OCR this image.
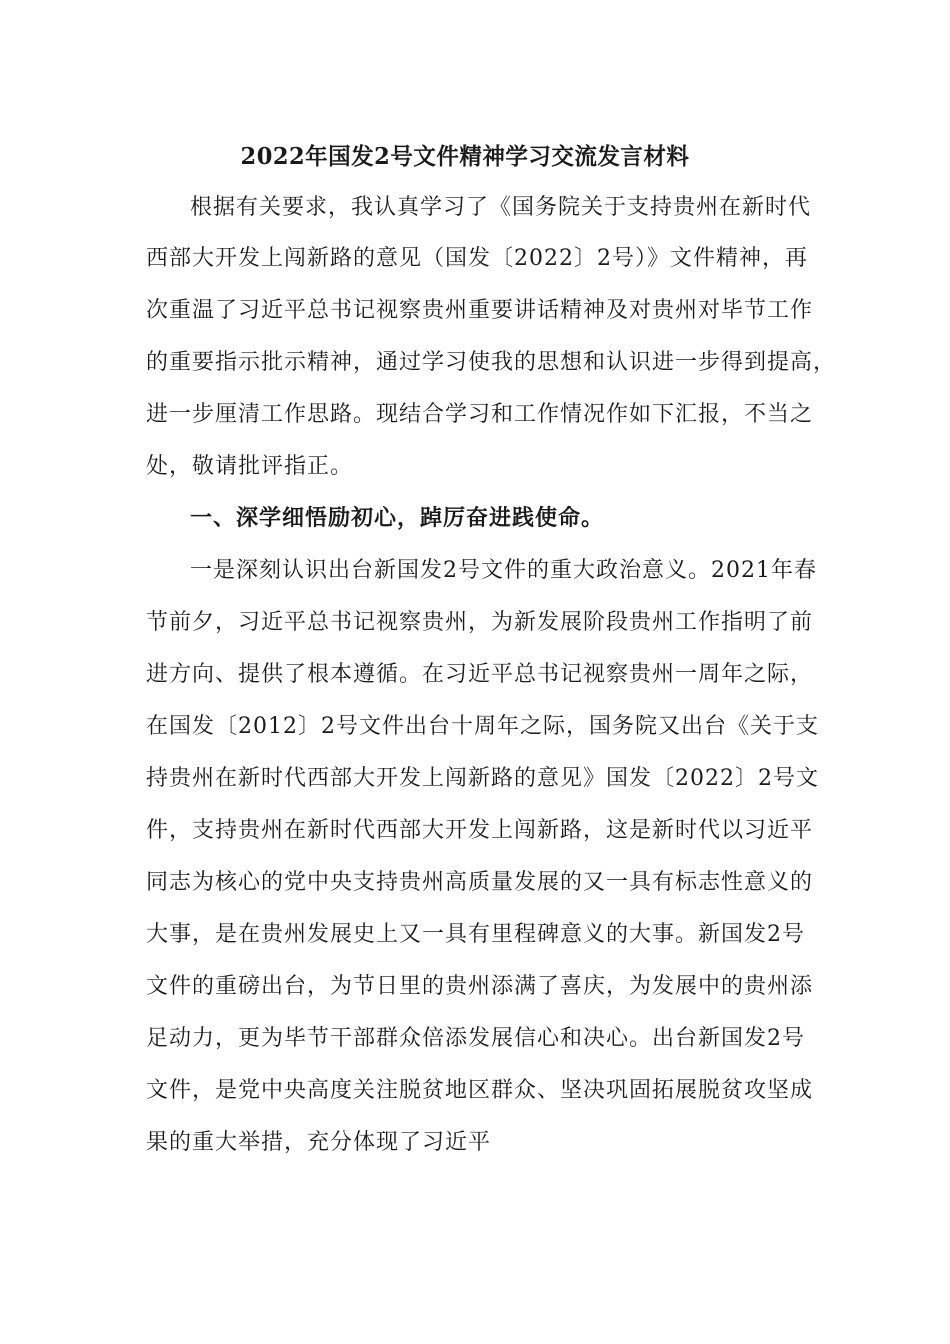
2022年国发2号文件精神学习交流发言材料
根据有关要求，我认真学习了《国务院关于支持贵州在新时代
西部大开发上闯新路的意见（国发〔2022〕2号）》文件精神，再
次重温了习近平总书记视察贵州重要讲话精神及对贵州对毕节工作
的重要指示批示精神，通过学习使我的思想和认识进一步得到提高，
进一步厘清工作思路。现结合学习和工作情况作如下汇报，不当之
处，敬请批评指正。
一、深学细悟励初心，踔厉奋进践使命。
一是深刻认识出台新国发2号文件的重大政治意义。2021年春
节前夕，习近平总书记视察贵州，为新发展阶段贵州工作指明了前
进方向、提供了根本遵循。在习近平总书记视察贵州一周年之际，
在国发〔2012〕2号文件出台十周年之际，国务院又出台《关于支
持贵州在新时代西部大开发上闯新路的意见》国发〔2022〕2号文
件，支持贵州在新时代西部大开发上闯新路，这是新时代以习近平
同志为核心的党中央支持贵州高质量发展的又一具有标志性意义的
大事，是在贵州发展史上又一具有里程碑意义的大事。新国发2号
文件的重磅出台，为节日里的贵州添满了喜庆，为发展中的贵州添
足动力，更为毕节干部群众倍添发展信心和决心。出台新国发2号
文件，是党中央高度关注脱贫地区群众、坚决巩固拓展脱贫攻坚成
果的重大举措，充分体现了习近平
